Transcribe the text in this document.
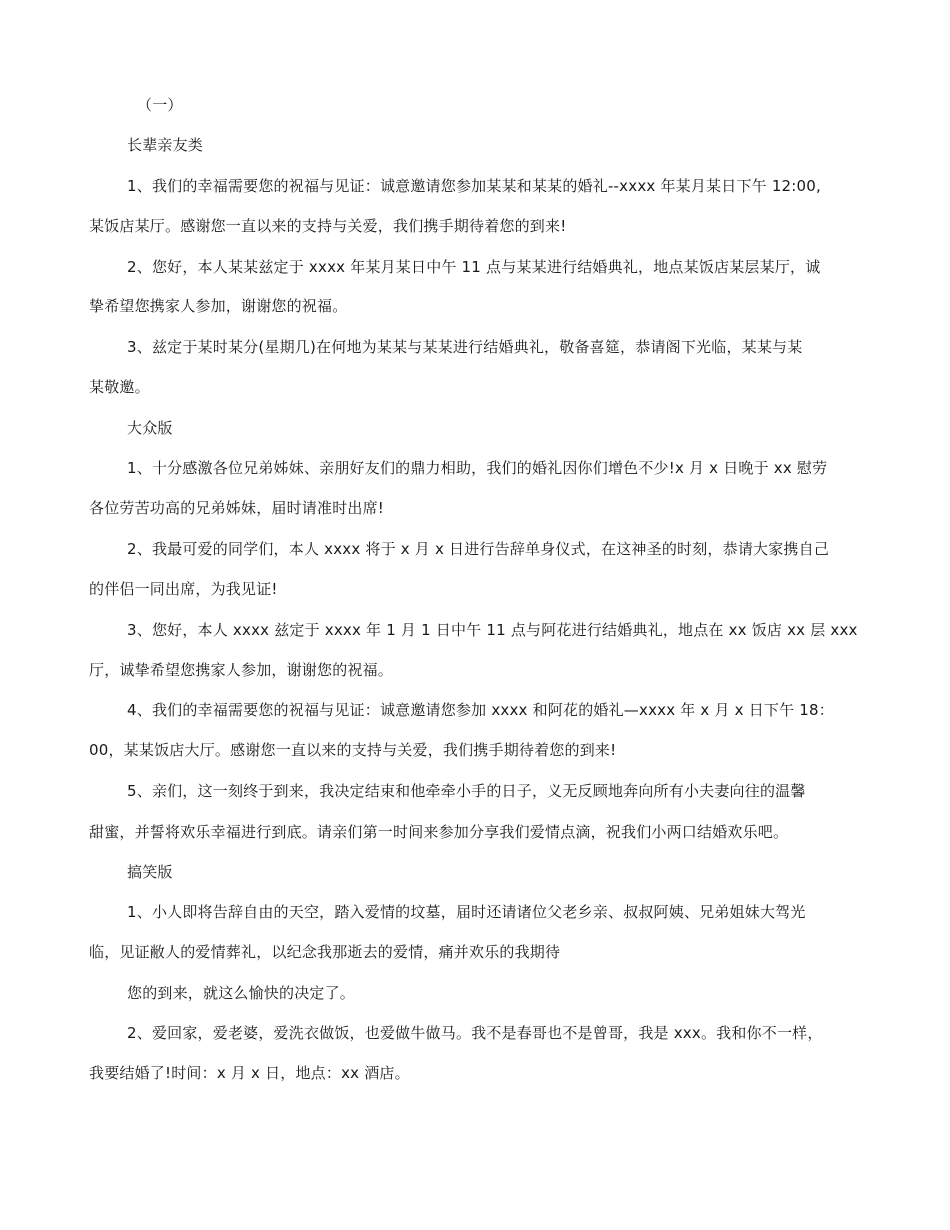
（一）
长辈亲友类
1、我们的幸福需要您的祝福与见证：诚意邀请您参加某某和某某的婚礼--xxxx 年某月某日下午 12:00,
某饭店某厅。感谢您一直以来的支持与关爱，我们携手期待着您的到来!
2、您好，本人某某兹定于 xxxx 年某月某日中午 11 点与某某进行结婚典礼，地点某饭店某层某厅，诚
挚希望您携家人参加，谢谢您的祝福。
3、兹定于某时某分(星期几)在何地为某某与某某进行结婚典礼，敬备喜筵，恭请阁下光临，某某与某
某敬邀。
大众版
1、十分感激各位兄弟姊妹、亲朋好友们的鼎力相助，我们的婚礼因你们增色不少!x 月 x 日晚于 xx 慰劳
各位劳苦功高的兄弟姊妹，届时请准时出席!
2、我最可爱的同学们，本人 xxxx 将于 x 月 x 日进行告辞单身仪式，在这神圣的时刻，恭请大家携自己
的伴侣一同出席，为我见证!
3、您好，本人 xxxx 兹定于 xxxx 年 1 月 1 日中午 11 点与阿花进行结婚典礼，地点在 xx 饭店 xx 层 xxx
厅，诚挚希望您携家人参加，谢谢您的祝福。
4、我们的幸福需要您的祝福与见证：诚意邀请您参加 xxxx 和阿花的婚礼—xxxx 年 x 月 x 日下午 18：
00，某某饭店大厅。感谢您一直以来的支持与关爱，我们携手期待着您的到来!
5、亲们，这一刻终于到来，我决定结束和他牵牵小手的日子，义无反顾地奔向所有小夫妻向往的温馨
甜蜜，并誓将欢乐幸福进行到底。请亲们第一时间来参加分享我们爱情点滴，祝我们小两口结婚欢乐吧。
搞笑版
1、小人即将告辞自由的天空，踏入爱情的坟墓，届时还请诸位父老乡亲、叔叔阿姨、兄弟姐妹大驾光
临，见证敝人的爱情葬礼，以纪念我那逝去的爱情，痛并欢乐的我期待
您的到来，就这么愉快的决定了。
2、爱回家，爱老婆，爱洗衣做饭，也爱做牛做马。我不是春哥也不是曾哥，我是 xxx。我和你不一样，
我要结婚了!时间：x 月 x 日，地点：xx 酒店。
